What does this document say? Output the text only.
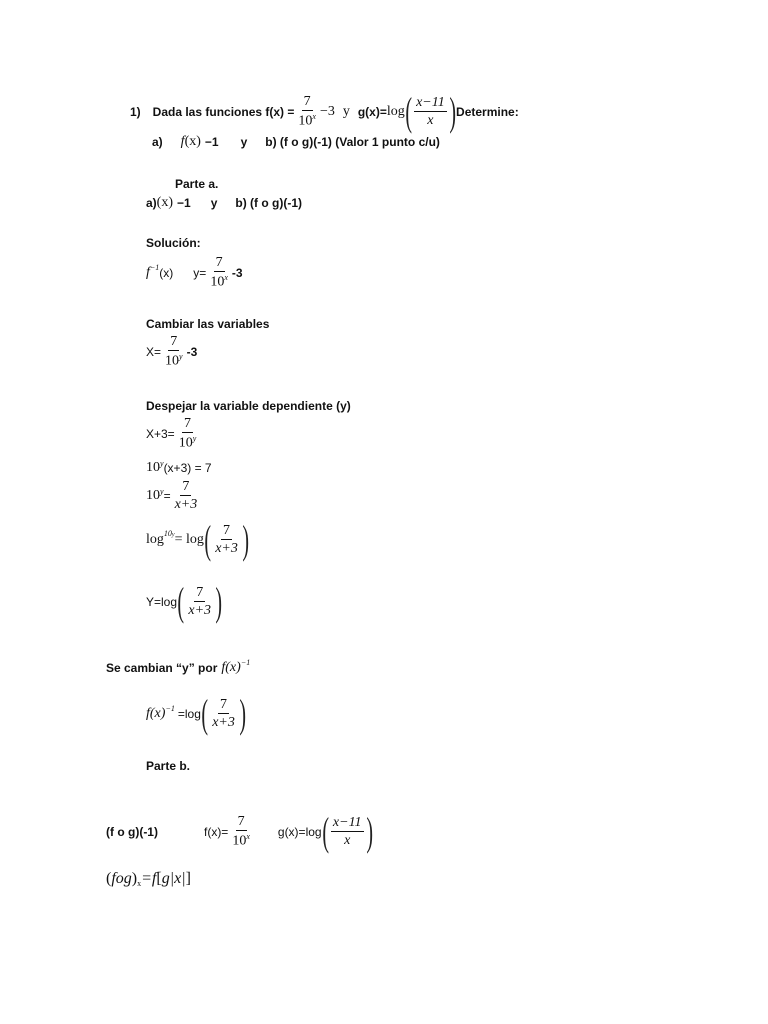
1) Dada las funciones $f(x) = \frac{7}{10^x} -3$ y g(x)= log ( $\frac{x-11}{x}$ ) Determine:
a) f (x) −1 y b) (f o g)(-1) (Valor 1 punto c/u)
Parte a.
a) (x) −1 y b) (f o g)(-1)
Solución:
$f^{-1}$ (x) $y= \frac{7}{10^x} -3$
Cambiar las variables
$X= \frac{7}{10^y} -3$
Despejar la variable dependiente (y)
$X+3= \frac{7}{10^y}$
10$^y$ (x+3) = 7
$10^y = \frac{7}{x+3}$
log $^{10y}$ = log ( $\frac{7}{x+3}$ )
Y=log ( $\frac{7}{x+3}$ )
Se cambian “y” por f $(x)^{-1}$
f $(x)^{-1} =\log$ ( $\frac{7}{x+3}$ )
Parte b.
(f o g)(-1)	$f(x)= \frac{7}{10^x} g(x)=\log$ ( $\frac{x-11}{x}$ )
( fog )$_x =f$ [ g |x| ]
